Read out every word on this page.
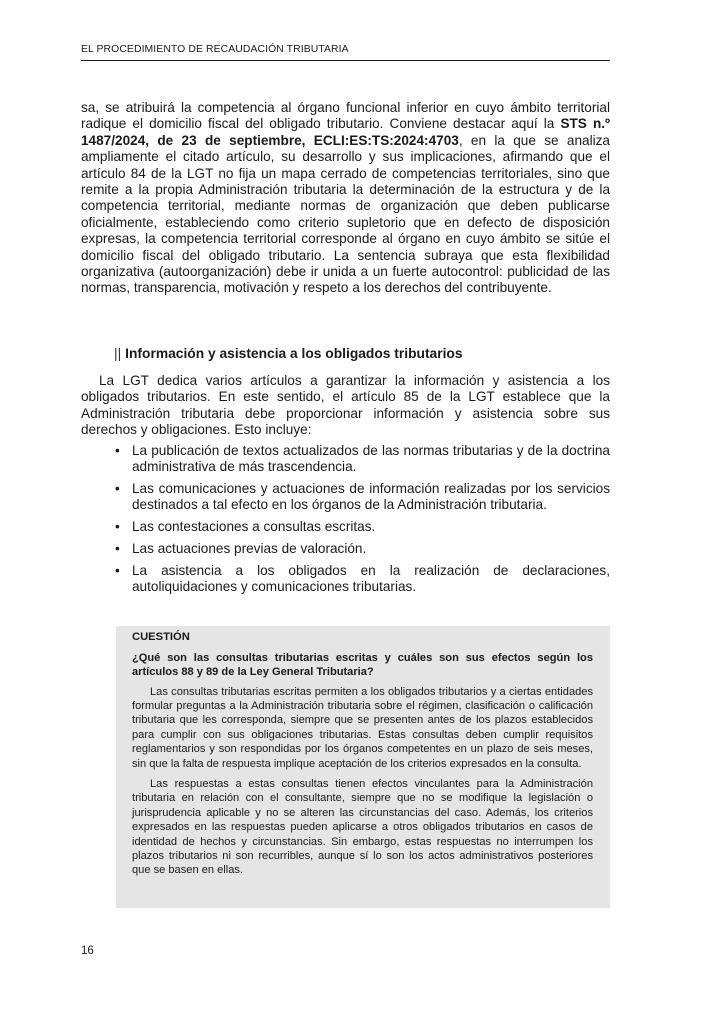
EL PROCEDIMIENTO DE RECAUDACIÓN TRIBUTARIA

sa, se atribuirá la competencia al órgano funcional inferior en cuyo ámbito territorial radique el domicilio fiscal del obligado tributario. Conviene destacar aquí la STS n.º 1487/2024, de 23 de septiembre, ECLI:ES:TS:2024:4703, en la que se analiza ampliamente el citado artículo, su desarrollo y sus implicaciones, afirmando que el artículo 84 de la LGT no fija un mapa cerrado de competencias territoriales, sino que remite a la propia Administración tributaria la determinación de la estructura y de la competencia territorial, mediante normas de organización que deben publicarse oficialmente, estableciendo como criterio supletorio que en defecto de disposición expresas, la competencia territorial corresponde al órgano en cuyo ámbito se sitúe el domicilio fiscal del obligado tributario. La sentencia subraya que esta flexibilidad organizativa (autoorganización) debe ir unida a un fuerte autocontrol: publicidad de las normas, transparencia, motivación y respeto a los derechos del contribuyente.

|| Información y asistencia a los obligados tributarios

La LGT dedica varios artículos a garantizar la información y asistencia a los obligados tributarios. En este sentido, el artículo 85 de la LGT establece que la Administración tributaria debe proporcionar información y asistencia sobre sus derechos y obligaciones. Esto incluye:

• La publicación de textos actualizados de las normas tributarias y de la doctrina administrativa de más trascendencia.
• Las comunicaciones y actuaciones de información realizadas por los servicios destinados a tal efecto en los órganos de la Administración tributaria.
• Las contestaciones a consultas escritas.
• Las actuaciones previas de valoración.
• La asistencia a los obligados en la realización de declaraciones, autoliquidaciones y comunicaciones tributarias.

CUESTIÓN

¿Qué son las consultas tributarias escritas y cuáles son sus efectos según los artículos 88 y 89 de la Ley General Tributaria?

Las consultas tributarias escritas permiten a los obligados tributarios y a ciertas entidades formular preguntas a la Administración tributaria sobre el régimen, clasificación o calificación tributaria que les corresponda, siempre que se presenten antes de los plazos establecidos para cumplir con sus obligaciones tributarias. Estas consultas deben cumplir requisitos reglamentarios y son respondidas por los órganos competentes en un plazo de seis meses, sin que la falta de respuesta implique aceptación de los criterios expresados en la consulta.

Las respuestas a estas consultas tienen efectos vinculantes para la Administración tributaria en relación con el consultante, siempre que no se modifique la legislación o jurisprudencia aplicable y no se alteren las circunstancias del caso. Además, los criterios expresados en las respuestas pueden aplicarse a otros obligados tributarios en casos de identidad de hechos y circunstancias. Sin embargo, estas respuestas no interrumpen los plazos tributarios ni son recurribles, aunque sí lo son los actos administrativos posteriores que se basen en ellas.

16
